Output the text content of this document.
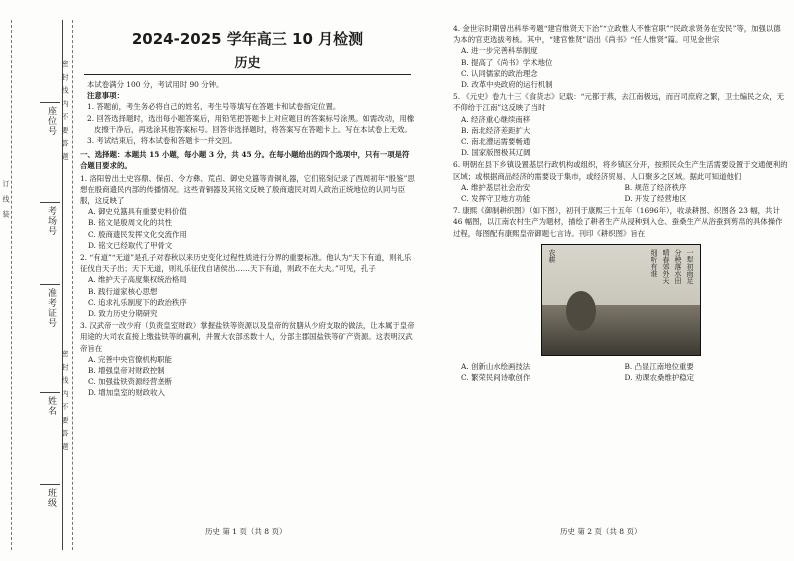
密 封 线 内 不 要 答 题
密 封 线 内 不 要 答 题
订 线 装
座位号
考场号
准考证号
姓名
班级
2024-2025 学年高三 10 月检测
历史

本试卷满分 100 分，考试用时 90 分钟。

注意事项：

1. 答题前，考生务必将自己的姓名、考生号等填写在答题卡和试卷指定位置。

2. 回答选择题时，选出每小题答案后，用铅笔把答题卡上对应题目的答案标号涂黑。如需改动，用橡皮擦干净后，再选涂其他答案标号。回答非选择题时，将答案写在答题卡上。写在本试卷上无效。

3. 考试结束后，将本试卷和答题卡一并交回。

一、选择题：本题共 15 小题，每小题 3 分，共 45 分。在每小题给出的四个选项中，只有一项是符合题目要求的。
1. 洛阳曾出土史容鼎、保卣、令方彝、荒卣、御史兑簋等青铜礼器，它们铭刻记录了西周初年“殷鉴”思想在殷商遗民内部的传播情况。这些青铜器及其铭文反映了殷商遗民对周人政治正统地位的认同与臣服，这反映了
A. 御史兑簋具有重要史料价值
B. 铭文是殷周文化的共性
C. 殷商遗民发挥文化交流作用
D. 铭文已经取代了甲骨文
2. “有道”“无道”是孔子对春秋以来历史变化过程性质进行分界的重要标准。他认为“天下有道，则礼乐征伐自天子出；天下无道，则礼乐征伐自诸侯出……天下有道，则政不在大夫。”可见，孔子
A. 维护天子高度集权统治格局
B. 践行道家核心思想
C. 追求礼乐制度下的政治秩序
D. 致力历史分期研究
3. 汉武帝一改少府（负责皇室财政）掌握盐铁等资源以及皇帝的贫膳从少府支取的做法，让本属于皇帝用途的大司农直接上缴盐铁等的赢利，并置大农部丞数十人，分部主郡国盐铁等矿产资源。这表明汉武帝旨在
A. 完善中央官僚机构职能
B. 增强皇帝对财政控制
C. 加强盐铁资源经营垄断
D. 增加皇室的财政收入
4. 金世宗时期曾出科举考题“建官惟贤天下治”“立政惟人不惟官职”“民政求贤务在安民”等，加强以德为本的官吏选拔考核。其中，“建官惟贤”语出《尚书》“任人惟贤”篇。可见金世宗
A. 进一步完善科举制度
B. 提高了《尚书》学术地位
C. 认同儒家的政治理念
D. 改革中央政府的运行机制
5. 《元史》卷九十三《食货志》记载：“元都于燕，去江南极远，而百司庶府之繁，卫士编民之众，无不仰给于江南”这反映了当时
A. 经济重心继续南移
B. 南北经济差距扩大
C. 南北漕运需要畅通
D. 国家版图极其辽阔
6. 明朝在县下乡镇设置基层行政机构或组织，将乡镇区分开，按照民众生产生活需要设置于交通便利的区域；或根据商品经济的需要设于集市，或经济贸易、人口聚多之区域。据此可知道他们
A. 维护基层社会治安	B. 规范了经济秩序
C. 发挥守卫地方功能	D. 开发了经营地区
7. 康熙《御制耕织图》（如下图），初刊于康熙三十五年（1696年），收录耕图、织图各 23 幅，共计 46 幅图，以江南农村生产为题材，描绘了耕者生产从浸种到入仓、蚕桑生产从浴蚕到剪帛的具体操作过程，每图配有康熙皇帝御题七言诗。刊印《耕织图》旨在
一犁初雨足
分秧落水田
晴春郊外天
细听有谁
农耕
A. 创新山水绘画技法	B. 凸显江南地位重要
C. 繁荣民间诗歌创作	D. 劝课农桑维护稳定
历史 第 1 页（共 8 页）	历史 第 2 页（共 8 页）
